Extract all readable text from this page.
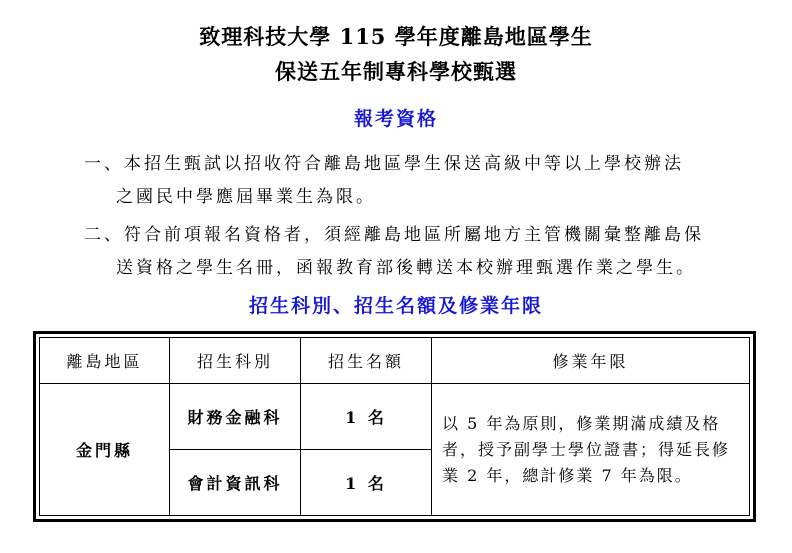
致理科技大學 115 學年度離島地區學生
保送五年制專科學校甄選
報考資格
一、本招生甄試以招收符合離島地區學生保送高級中等以上學校辦法
之國民中學應屆畢業生為限。
二、符合前項報名資格者，須經離島地區所屬地方主管機關彙整離島保
送資格之學生名冊，函報教育部後轉送本校辦理甄選作業之學生。
招生科別、招生名額及修業年限
離島地區	招生科別	招生名額	修業年限
金門縣	財務金融科	1 名	以 5 年為原則，修業期滿成績及格者，授予副學士學位證書；得延長修業 2 年，總計修業 7 年為限。
	會計資訊科	1 名	
